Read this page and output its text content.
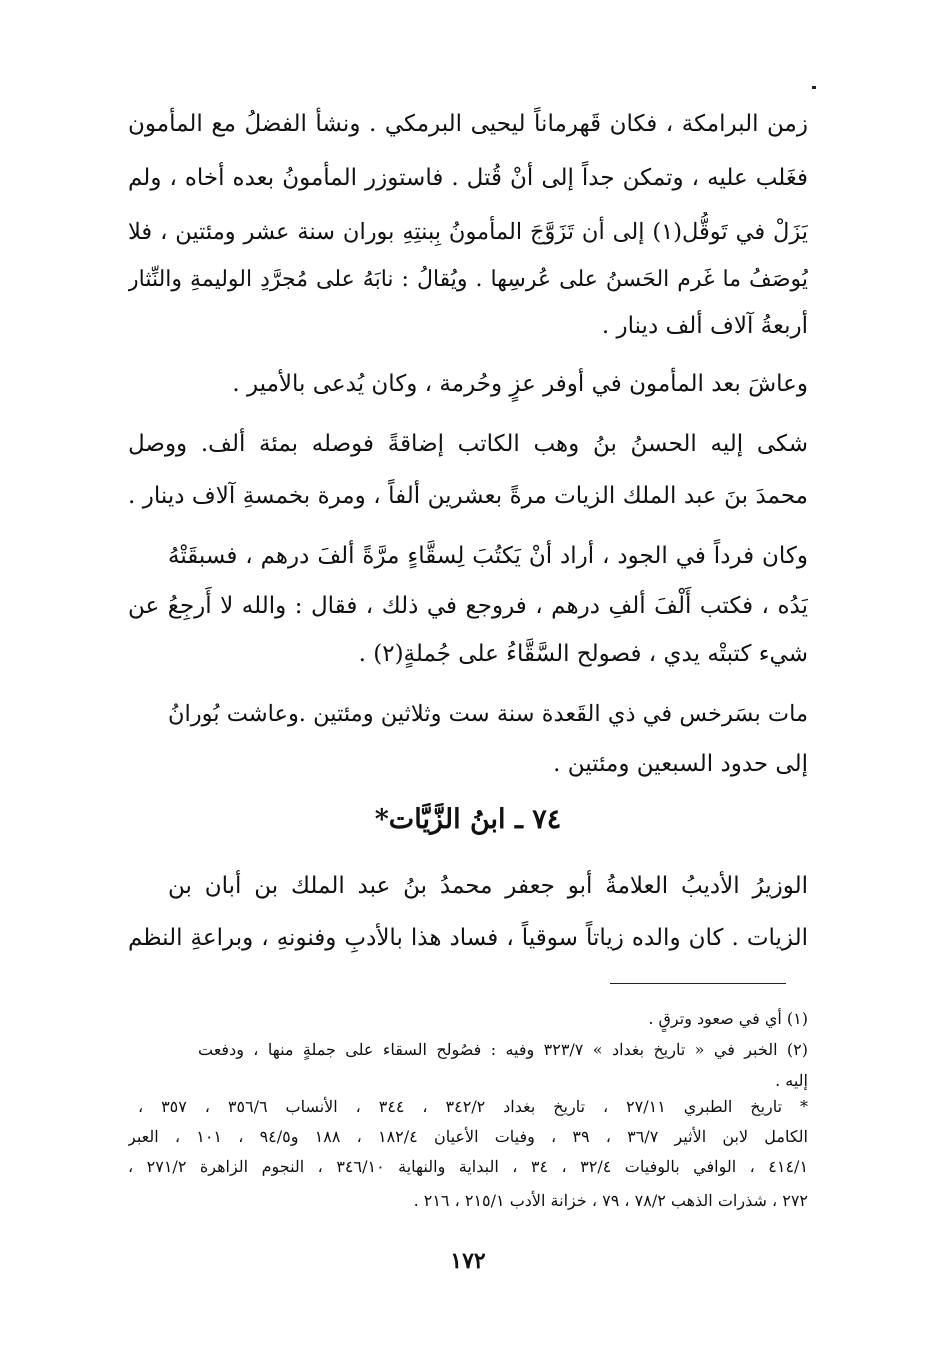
زمن البرامكة ، فكان قَهرماناً ليحيى البرمكي . ونشأ الفضلُ مع المأمون
فغَلب عليه ، وتمكن جداً إلى أنْ قُتل . فاستوزر المأمونُ بعده أخاه ، ولم
يَزَلْ في تَوقُّل(١) إلى أن تَزَوَّجَ المأمونُ بِبنتِهِ بوران سنة عشر ومئتين ، فلا
يُوصَفُ ما غَرم الحَسنُ على عُرسِها . ويُقالُ : نابَهُ على مُجرَّدِ الوليمةِ والنِّثار
أربعةُ آلاف ألف دينار .
وعاشَ بعد المأمون في أوفر عزٍ وحُرمة ، وكان يُدعى بالأمير .
شكى إليه الحسنُ بنُ وهب الكاتب إضاقةً فوصله بمئة ألف. ووصل
محمدَ بنَ عبد الملك الزيات مرةً بعشرين ألفاً ، ومرة بخمسةِ آلاف دينار .
وكان فرداً في الجود ، أراد أنْ يَكتُبَ لِسقَّاءٍ مرَّةً ألفَ درهم ، فسبقَتْهُ
يَدُه ، فكتب أَلْفَ ألفِ درهم ، فروجع في ذلك ، فقال : والله لا أَرجِعُ عن
شيء كتبتْه يدي ، فصولح السَّقَّاءُ على جُملةٍ(٢) .
مات بسَرخس في ذي القَعدة سنة ست وثلاثين ومئتين .وعاشت بُورانُ
إلى حدود السبعين ومئتين .
٧٤ ـ ابنُ الزَّيَّات*
الوزيرُ الأديبُ العلامةُ أبو جعفر محمدُ بنُ عبد الملك بن أبان بن
الزيات . كان والده زياتاً سوقياً ، فساد هذا بالأدبِ وفنونهِ ، وبراعةِ النظم
(١) أي في صعود وترقٍ .
(٢) الخبر في « تاريخ بغداد » ٣٢٣/٧ وفيه : فصُولح السقاء على جملةٍ منها ، ودفعت
إليه .
* تاريخ الطبري ٢٧/١١ ، تاريخ بغداد ٣٤٢/٢ ، ٣٤٤ ، الأنساب ٣٥٦/٦ ، ٣٥٧ ،
الكامل لابن الأثير ٣٦/٧ ، ٣٩ ، وفيات الأعيان ١٨٢/٤ ، ١٨٨ و٩٤/٥ ، ١٠١ ، العبر
٤١٤/١ ، الوافي بالوفيات ٣٢/٤ ، ٣٤ ، البداية والنهاية ٣٤٦/١٠ ، النجوم الزاهرة ٢٧١/٢ ،
٢٧٢ ، شذرات الذهب ٧٨/٢ ، ٧٩ ، خزانة الأدب ٢١٥/١ ، ٢١٦ .
١٧٢
